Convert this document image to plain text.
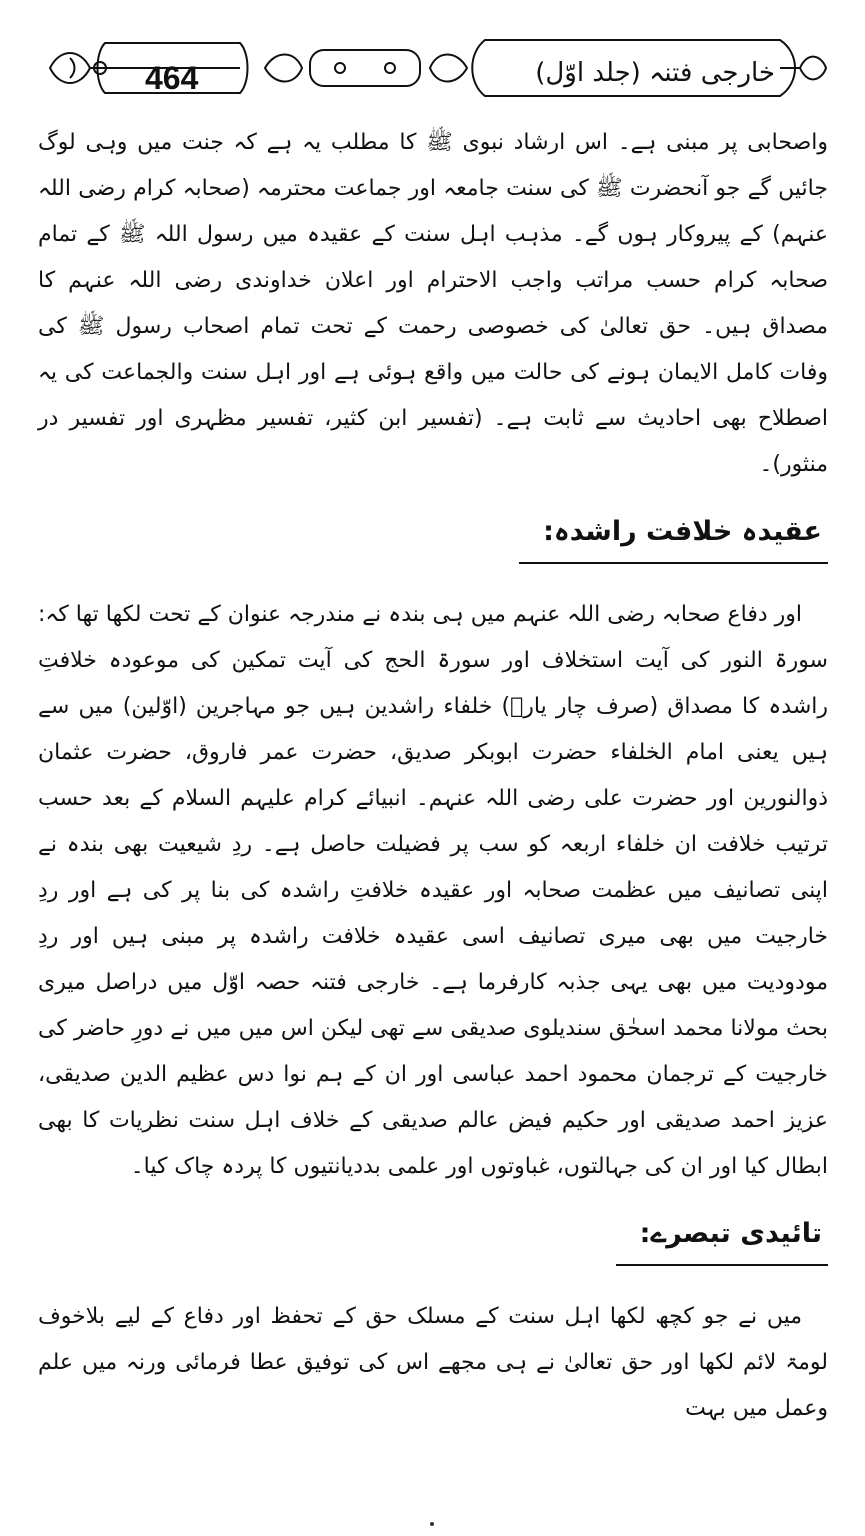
464	خارجی فتنہ (جلد اوّل)

واصحابی پر مبنی ہے۔ اس ارشاد نبوی ﷺ کا مطلب یہ ہے کہ جنت میں وہی لوگ جائیں گے جو آنحضرت ﷺ کی سنت جامعہ اور جماعت محترمہ (صحابہ کرام رضی اللہ عنہم) کے پیروکار ہوں گے۔ مذہب اہل سنت کے عقیدہ میں رسول اللہ ﷺ کے تمام صحابہ کرام حسب مراتب واجب الاحترام اور اعلان خداوندی رضی اللہ عنہم کا مصداق ہیں۔ حق تعالیٰ کی خصوصی رحمت کے تحت تمام اصحاب رسول ﷺ کی وفات کامل الایمان ہونے کی حالت میں واقع ہوئی ہے اور اہل سنت والجماعت کی یہ اصطلاح بھی احادیث سے ثابت ہے۔ (تفسیر ابن کثیر، تفسیر مظہری اور تفسیر در منثور)۔

عقیدہ خلافت راشدہ:

اور دفاع صحابہ رضی اللہ عنہم میں ہی بندہ نے مندرجہ عنوان کے تحت لکھا تھا کہ: سورۃ النور کی آیت استخلاف اور سورۃ الحج کی آیت تمکین کی موعودہ خلافتِ راشدہ کا مصداق (صرف چار یارؓ) خلفاء راشدین ہیں جو مہاجرین (اوّلین) میں سے ہیں یعنی امام الخلفاء حضرت ابوبکر صدیق، حضرت عمر فاروق، حضرت عثمان ذوالنورین اور حضرت علی رضی اللہ عنہم۔ انبیائے کرام علیہم السلام کے بعد حسب ترتیب خلافت ان خلفاء اربعہ کو سب پر فضیلت حاصل ہے۔ ردِ شیعیت بھی بندہ نے اپنی تصانیف میں عظمت صحابہ اور عقیدہ خلافتِ راشدہ کی بنا پر کی ہے اور ردِ خارجیت میں بھی میری تصانیف اسی عقیدہ خلافت راشدہ پر مبنی ہیں اور ردِ مودودیت میں بھی یہی جذبہ کارفرما ہے۔ خارجی فتنہ حصہ اوّل میں دراصل میری بحث مولانا محمد اسحٰق سندیلوی صدیقی سے تھی لیکن اس میں میں نے دورِ حاضر کی خارجیت کے ترجمان محمود احمد عباسی اور ان کے ہم نوا دس عظیم الدین صدیقی، عزیز احمد صدیقی اور حکیم فیض عالم صدیقی کے خلاف اہل سنت نظریات کا بھی ابطال کیا اور ان کی جہالتوں، غباوتوں اور علمی بددیانتیوں کا پردہ چاک کیا۔

تائیدی تبصرے:

میں نے جو کچھ لکھا اہل سنت کے مسلک حق کے تحفظ اور دفاع کے لیے بلاخوف لومۃ لائم لکھا اور حق تعالیٰ نے ہی مجھے اس کی توفیق عطا فرمائی ورنہ میں علم وعمل میں بہت
